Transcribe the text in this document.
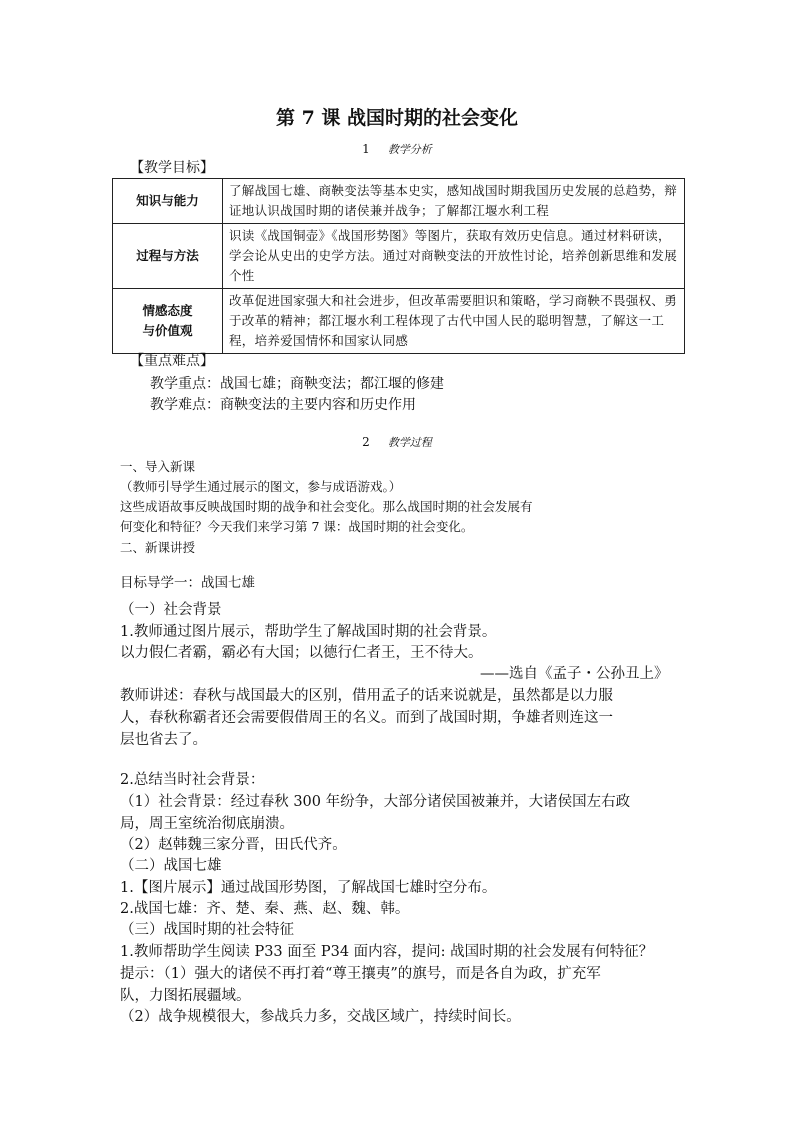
第 7 课 战国时期的社会变化
1 教学分析
【教学目标】
知识与能力	了解战国七雄、商鞅变法等基本史实，感知战国时期我国历史发展的总趋势，辩证地认识战国时期的诸侯兼并战争；了解都江堰水利工程
过程与方法	识读《战国铜壶》《战国形势图》等图片，获取有效历史信息。通过材料研读，学会论从史出的史学方法。通过对商鞅变法的开放性讨论，培养创新思维和发展个性

情感态度
与价值观	改革促进国家强大和社会进步，但改革需要胆识和策略，学习商鞅不畏强权、勇于改革的精神；都江堰水利工程体现了古代中国人民的聪明智慧，了解这一工程，培养爱国情怀和国家认同感
【重点难点】
教学重点：战国七雄；商鞅变法；都江堰的修建
教学难点：商鞅变法的主要内容和历史作用
2 教学过程
一、导入新课
（教师引导学生通过展示的图文，参与成语游戏。）
这些成语故事反映战国时期的战争和社会变化。那么战国时期的社会发展有
何变化和特征？今天我们来学习第 7 课：战国时期的社会变化。
二、新课讲授
目标导学一：战国七雄
（一）社会背景
1.教师通过图片展示，帮助学生了解战国时期的社会背景。
以力假仁者霸，霸必有大国；以德行仁者王，王不待大。
——选自《孟子・公孙丑上》
教师讲述：春秋与战国最大的区别，借用孟子的话来说就是，虽然都是以力服
人，春秋称霸者还会需要假借周王的名义。而到了战国时期，争雄者则连这一
层也省去了。
2.总结当时社会背景：
（1）社会背景：经过春秋 300 年纷争，大部分诸侯国被兼并，大诸侯国左右政
局，周王室统治彻底崩溃。
（2）赵韩魏三家分晋，田氏代齐。
（二）战国七雄
1.【图片展示】通过战国形势图，了解战国七雄时空分布。
2.战国七雄：齐、楚、秦、燕、赵、魏、韩。
（三）战国时期的社会特征
1.教师帮助学生阅读 P33 面至 P34 面内容，提问: 战国时期的社会发展有何特征？
提示：（1）强大的诸侯不再打着“尊王攘夷”的旗号，而是各自为政，扩充军
队，力图拓展疆域。
（2）战争规模很大，参战兵力多，交战区域广，持续时间长。
